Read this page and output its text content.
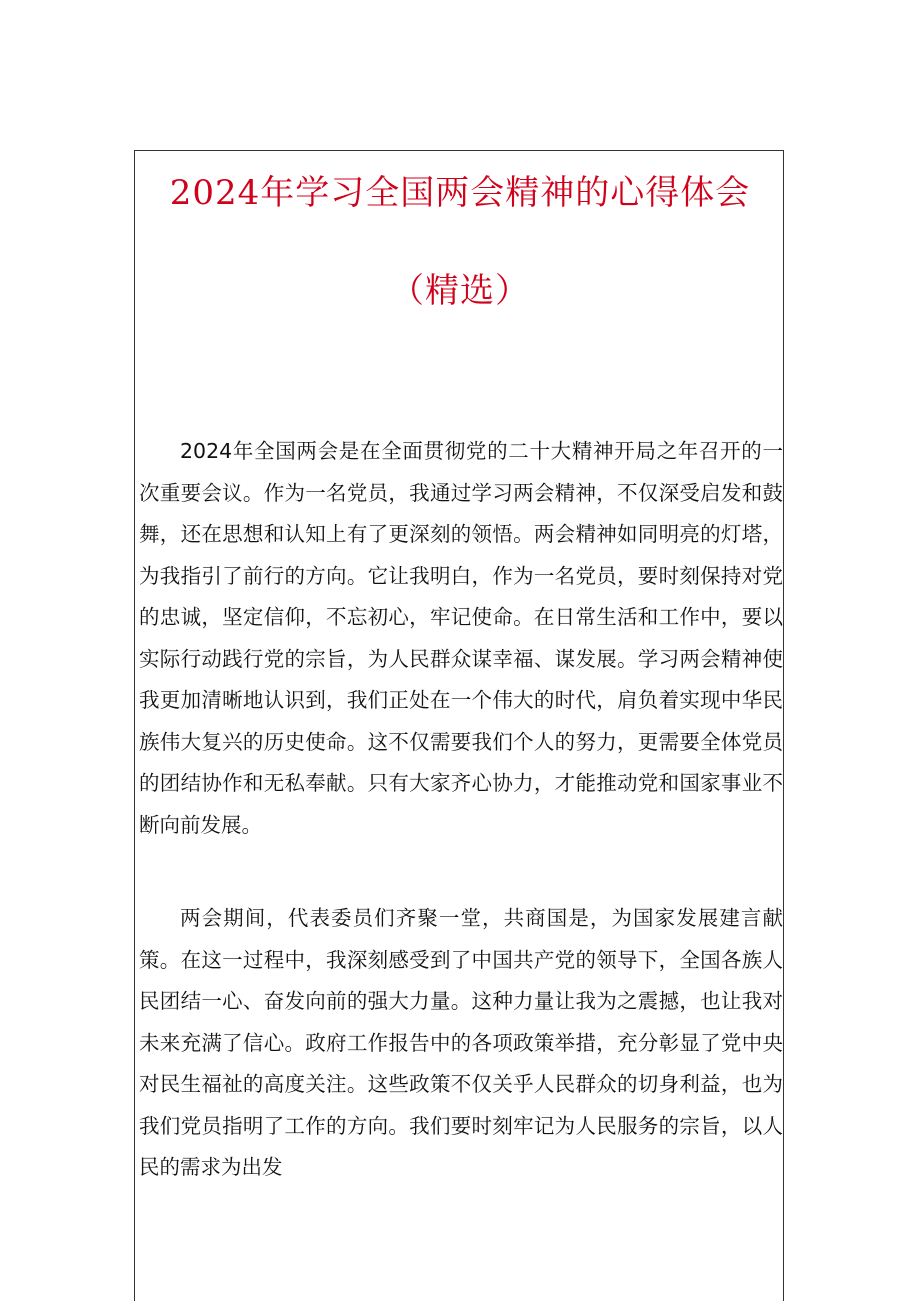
2024年学习全国两会精神的心得体会
（精选）

2024年全国两会是在全面贯彻党的二十大精神开局之年召开的一次重要会议。作为一名党员，我通过学习两会精神，不仅深受启发和鼓舞，还在思想和认知上有了更深刻的领悟。两会精神如同明亮的灯塔，为我指引了前行的方向。它让我明白，作为一名党员，要时刻保持对党的忠诚，坚定信仰，不忘初心，牢记使命。在日常生活和工作中，要以实际行动践行党的宗旨，为人民群众谋幸福、谋发展。学习两会精神使我更加清晰地认识到，我们正处在一个伟大的时代，肩负着实现中华民族伟大复兴的历史使命。这不仅需要我们个人的努力，更需要全体党员的团结协作和无私奉献。只有大家齐心协力，才能推动党和国家事业不断向前发展。

两会期间，代表委员们齐聚一堂，共商国是，为国家发展建言献策。在这一过程中，我深刻感受到了中国共产党的领导下，全国各族人民团结一心、奋发向前的强大力量。这种力量让我为之震撼，也让我对未来充满了信心。政府工作报告中的各项政策举措，充分彰显了党中央对民生福祉的高度关注。这些政策不仅关乎人民群众的切身利益，也为我们党员指明了工作的方向。我们要时刻牢记为人民服务的宗旨，以人民的需求为出发
